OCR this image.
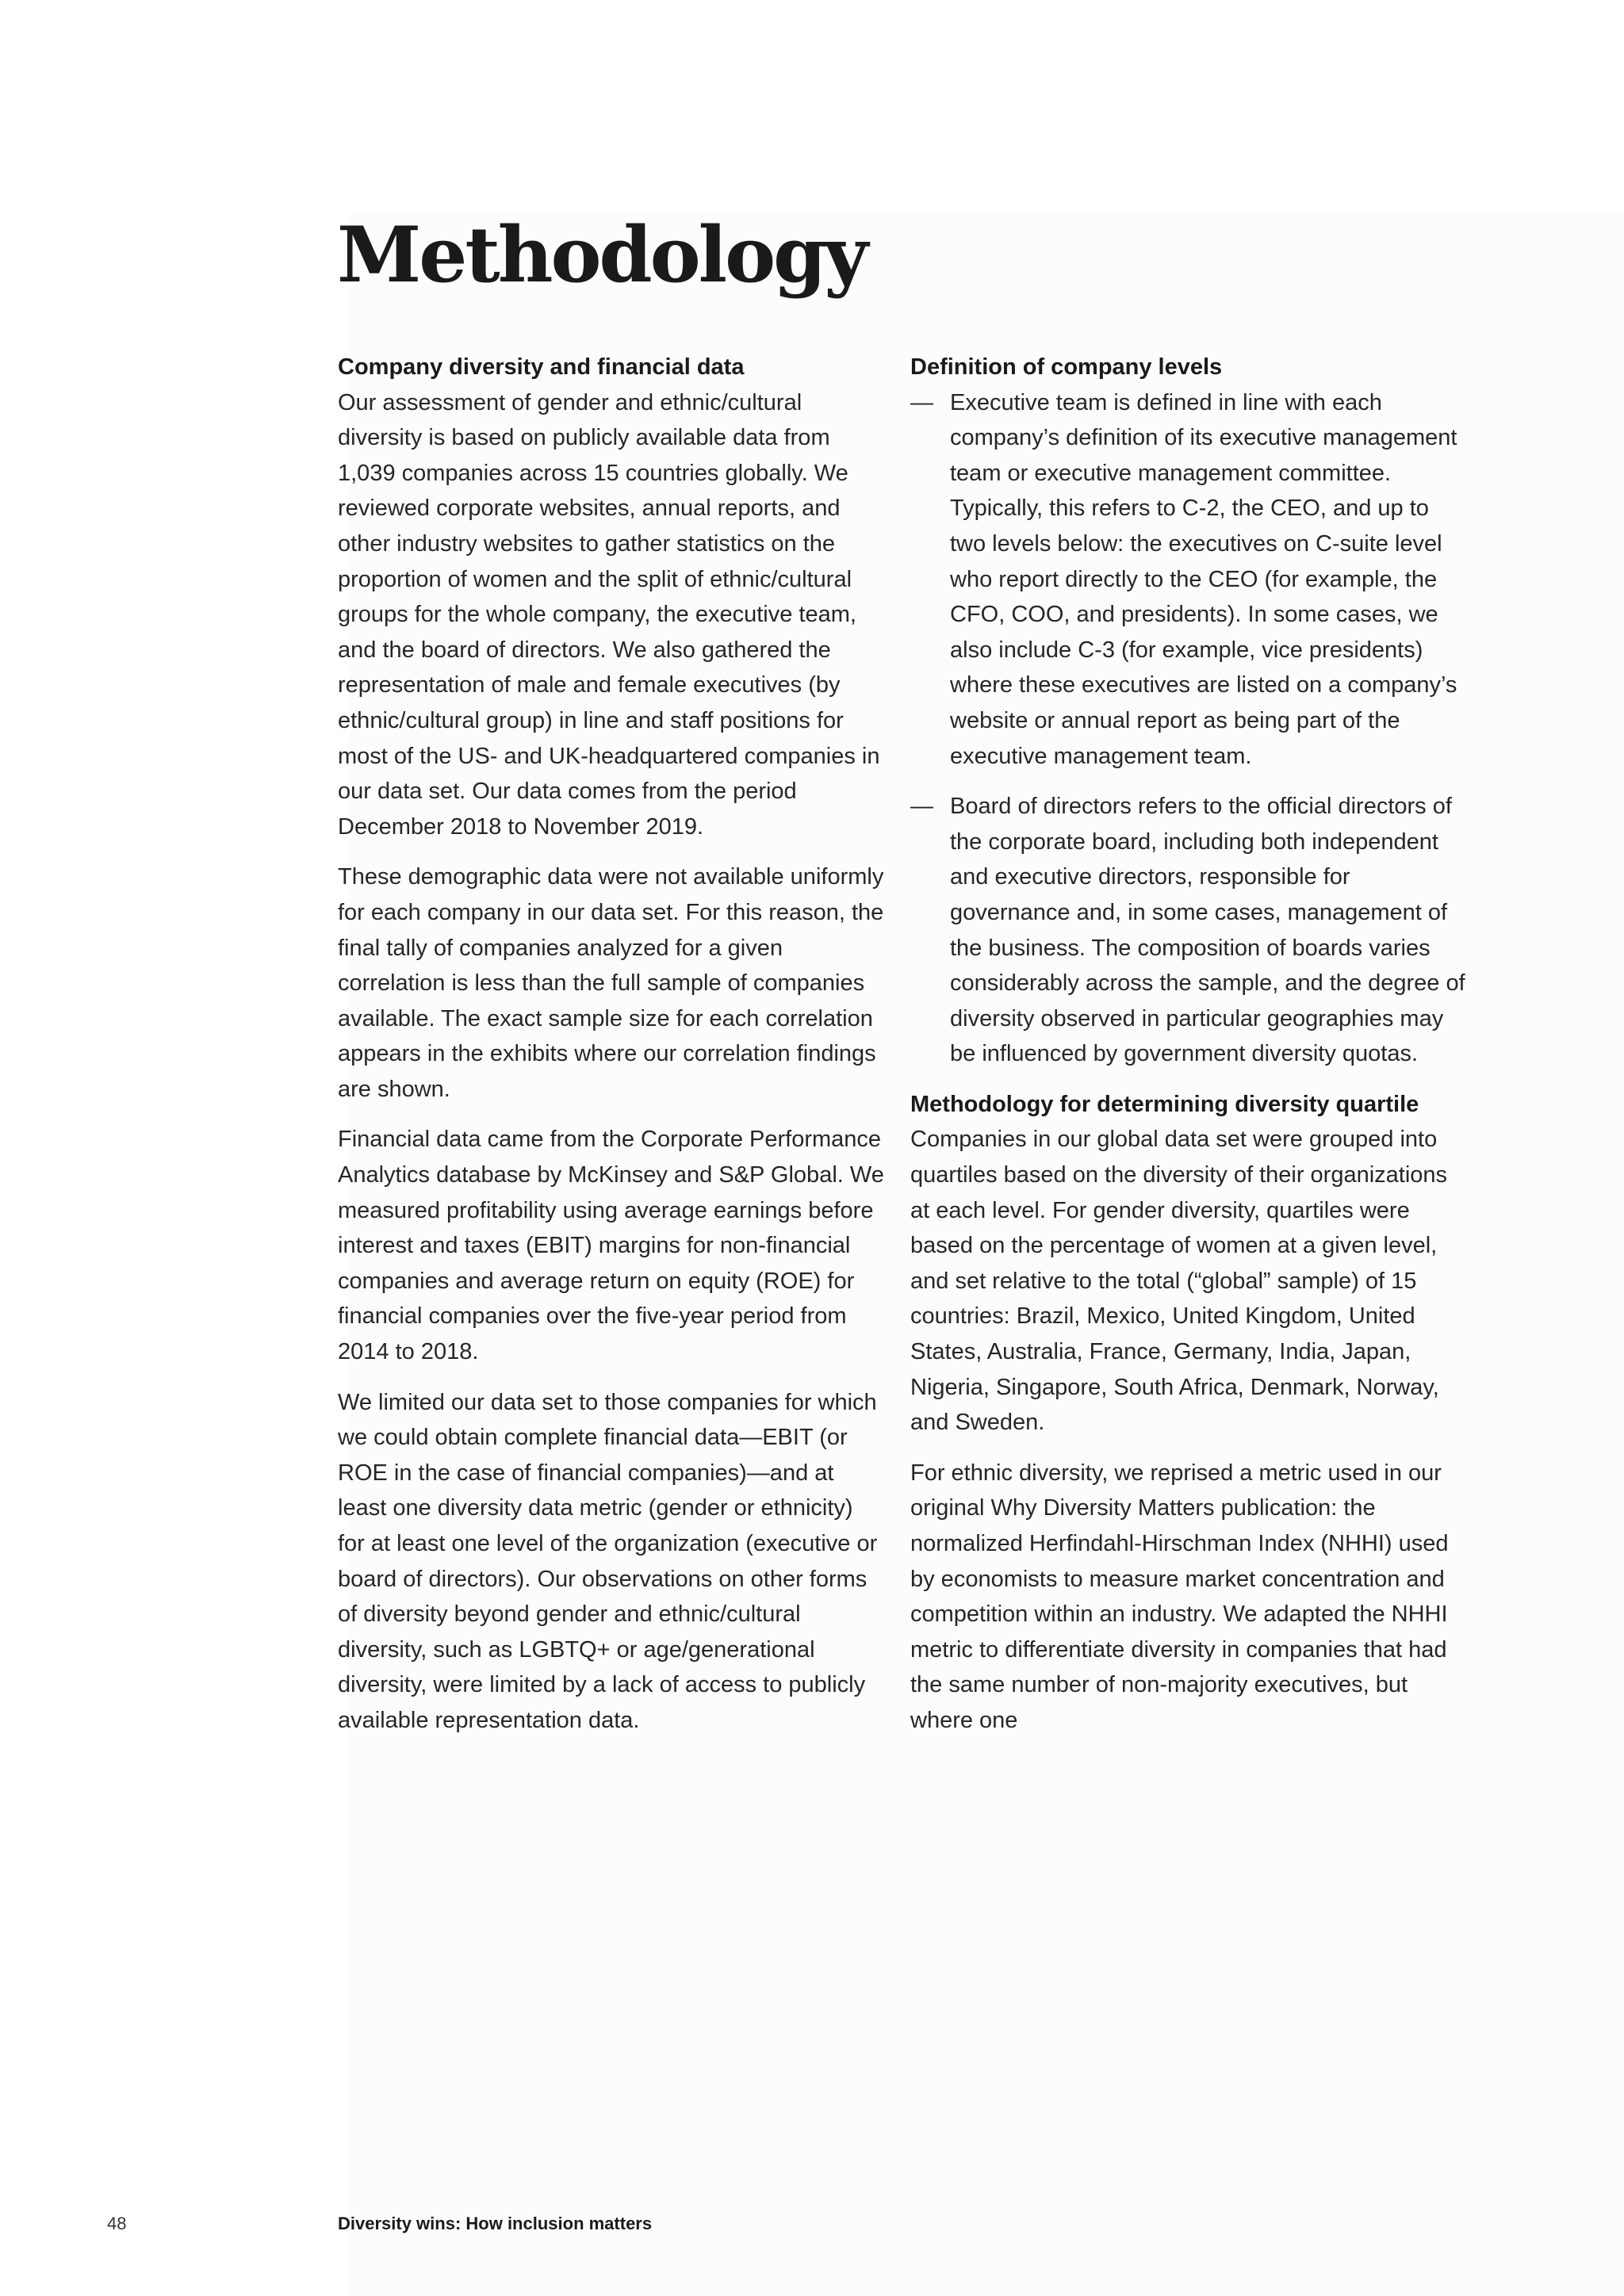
Methodology
Company diversity and financial data

Our assessment of gender and ethnic/cultural diversity is based on publicly available data from 1,039 companies across 15 countries globally. We reviewed corporate websites, annual reports, and other industry websites to gather statistics on the proportion of women and the split of ethnic/cultural groups for the whole company, the executive team, and the board of directors. We also gathered the representation of male and female executives (by ethnic/cultural group) in line and staff positions for most of the US- and UK-headquartered companies in our data set. Our data comes from the period December 2018 to November 2019.

These demographic data were not available uniformly for each company in our data set. For this reason, the final tally of companies analyzed for a given correlation is less than the full sample of companies available. The exact sample size for each correlation appears in the exhibits where our correlation findings are shown.

Financial data came from the Corporate Performance Analytics database by McKinsey and S&P Global. We measured profitability using average earnings before interest and taxes (EBIT) margins for non-financial companies and average return on equity (ROE) for financial companies over the five-year period from 2014 to 2018.

We limited our data set to those companies for which we could obtain complete financial data—EBIT (or ROE in the case of financial companies)—and at least one diversity data metric (gender or ethnicity) for at least one level of the organization (executive or board of directors). Our observations on other forms of diversity beyond gender and ethnic/cultural diversity, such as LGBTQ+ or age/generational diversity, were limited by a lack of access to publicly available representation data.

Definition of company levels
— Executive team is defined in line with each company’s definition of its executive management team or executive management committee. Typically, this refers to C-2, the CEO, and up to two levels below: the executives on C-suite level who report directly to the CEO (for example, the CFO, COO, and presidents). In some cases, we also include C-3 (for example, vice presidents) where these executives are listed on a company’s website or annual report as being part of the executive management team.
— Board of directors refers to the official directors of the corporate board, including both independent and executive directors, responsible for governance and, in some cases, management of the business. The composition of boards varies considerably across the sample, and the degree of diversity observed in particular geographies may be influenced by government diversity quotas.
Methodology for determining diversity quartile

Companies in our global data set were grouped into quartiles based on the diversity of their organizations at each level. For gender diversity, quartiles were based on the percentage of women at a given level, and set relative to the total (“global” sample) of 15 countries: Brazil, Mexico, United Kingdom, United States, Australia, France, Germany, India, Japan, Nigeria, Singapore, South Africa, Denmark, Norway, and Sweden.

For ethnic diversity, we reprised a metric used in our original Why Diversity Matters publication: the normalized Herfindahl-Hirschman Index (NHHI) used by economists to measure market concentration and competition within an industry. We adapted the NHHI metric to differentiate diversity in companies that had the same number of non-majority executives, but where one

48	Diversity wins: How inclusion matters
